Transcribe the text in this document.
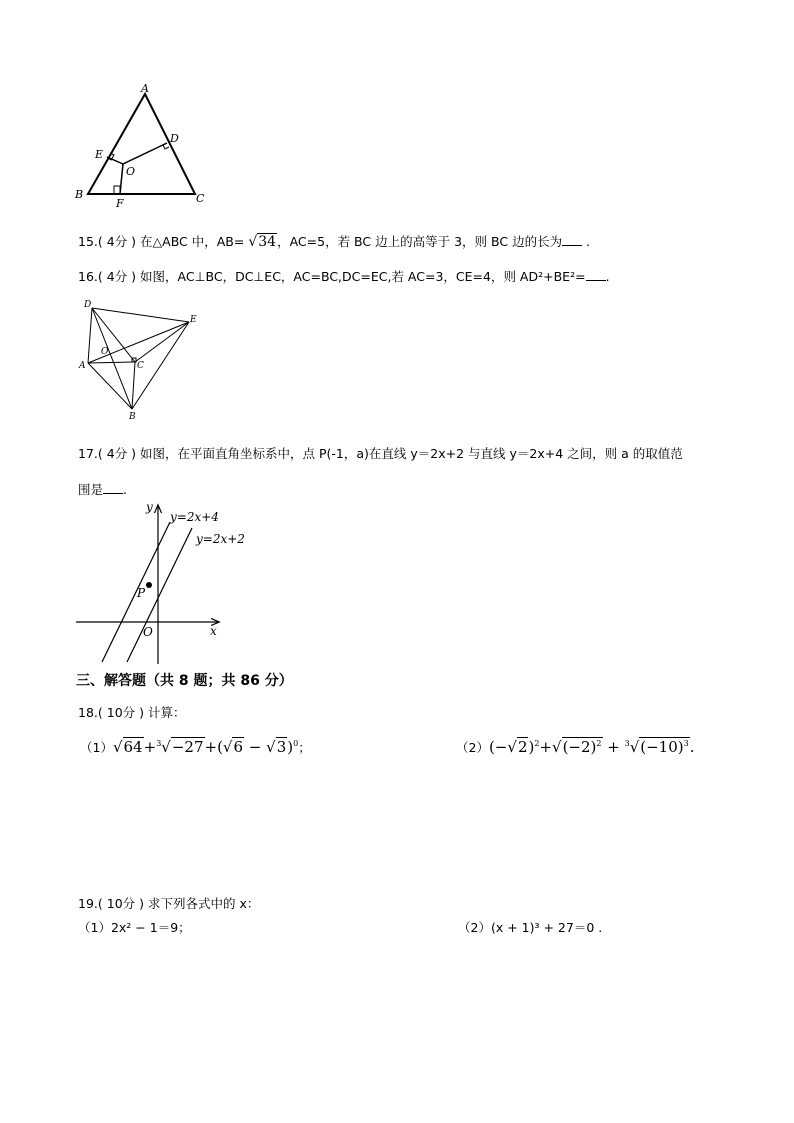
A
B	C
D
E
F
O
15.( 4分 ) 在△ABC 中，AB= √34，AC=5，若 BC 边上的高等于 3，则 BC 边的长为 .
16.( 4分 ) 如图，AC⊥BC，DC⊥EC，AC=BC,DC=EC,若 AC=3，CE=4，则 AD²+BE²= .
D
E
A	C
O
B
17.( 4分 ) 如图，在平面直角坐标系中，点 P(-1，a)在直线 y＝2x+2 与直线 y＝2x+4 之间，则 a 的取值范
围是 .
y
x
O
P
y=2x+4
y=2x+2
三、解答题（共 8 题；共 86 分）
18.( 10分 ) 计算：
$(1)√64+^3√-27+(√6 - √3)^0$；	$(2)(-√2)^2+√(-2)^2 + ^3√(-10)^3$.
19.( 10分 ) 求下列各式中的 x：
（1）2x² − 1＝9；	（2）(x + 1)³ + 27＝0 .
